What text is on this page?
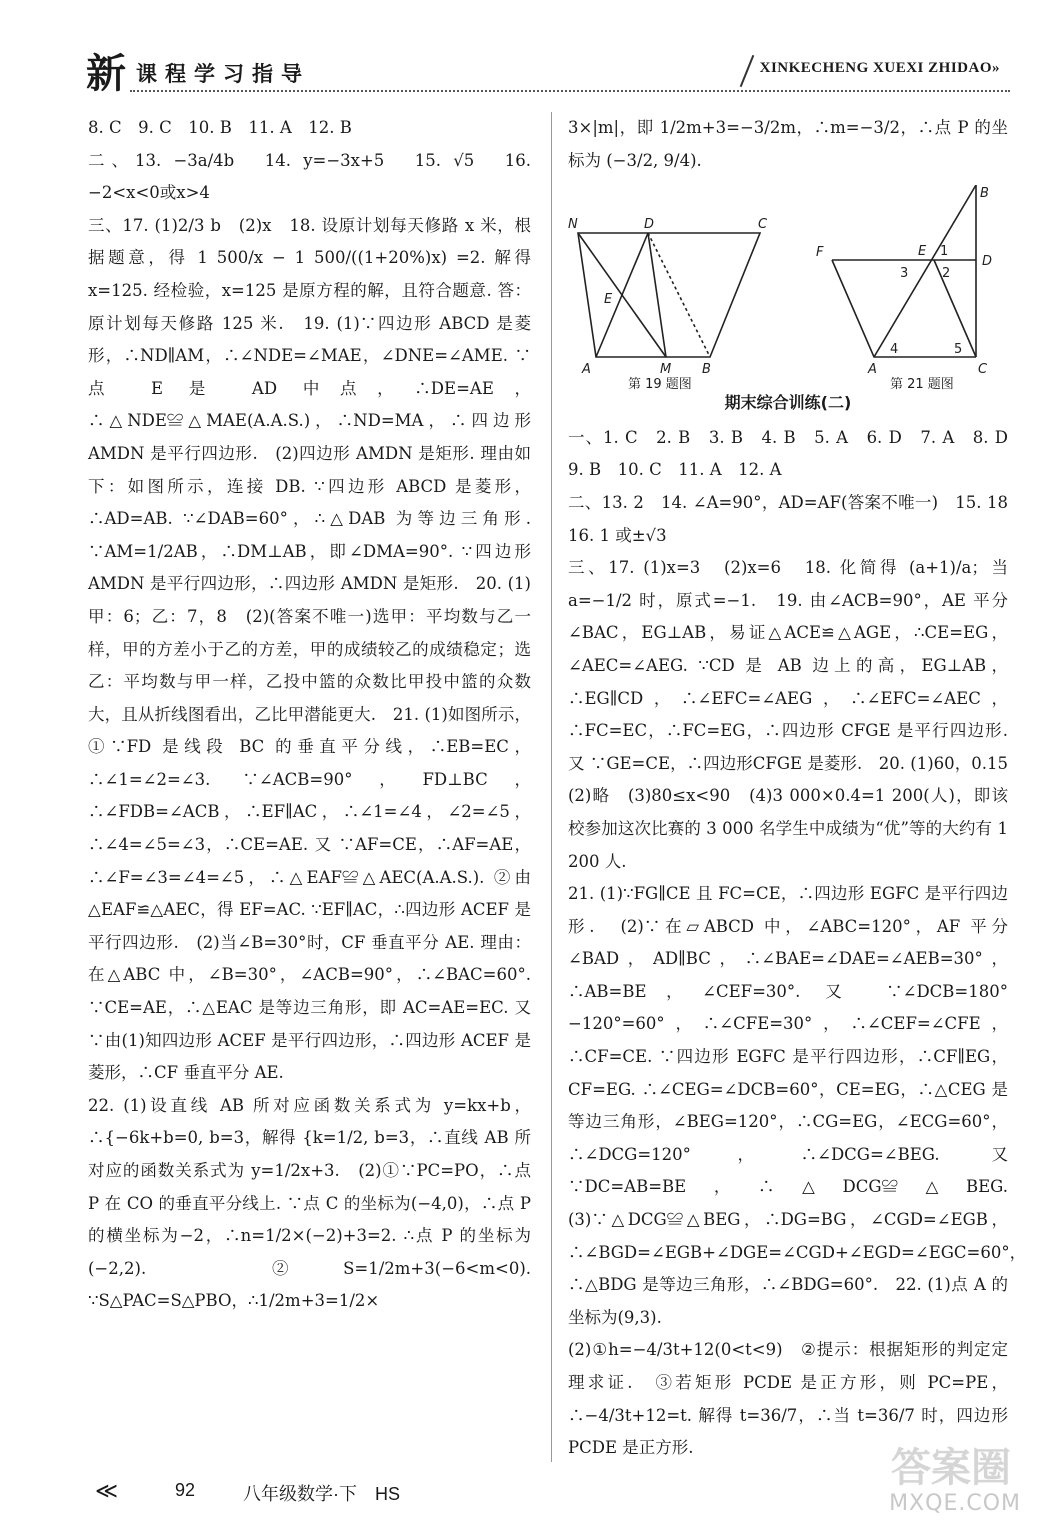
新 课程学习指导	XINKECHENG XUEXI ZHIDAO»

8. C　9. C　10. B　11. A　12. B

二、13. −3a/4b　14. y=−3x+5　15. √5　16. −2<x<0或x>4

三、17. (1)2/3 b　(2)x　18. 设原计划每天修路 x 米，根据题意，得 1 500/x − 1 500/((1+20%)x) =2. 解得 x=125. 经检验，x=125 是原方程的解，且符合题意. 答：原计划每天修路 125 米.　19. (1)∵四边形 ABCD 是菱形，∴ND∥AM，∴∠NDE=∠MAE，∠DNE=∠AME. ∵点 E 是 AD 中点，∴DE=AE，∴△NDE≌△MAE(A.A.S.)，∴ND=MA，∴四边形 AMDN 是平行四边形.　(2)四边形 AMDN 是矩形. 理由如下：如图所示，连接 DB. ∵四边形 ABCD 是菱形，∴AD=AB. ∵∠DAB=60°，∴△DAB 为等边三角形. ∵AM=1/2AB，∴DM⊥AB，即∠DMA=90°. ∵四边形 AMDN 是平行四边形，∴四边形 AMDN 是矩形.　20. (1)甲：6；乙：7，8　(2)(答案不唯一)选甲：平均数与乙一样，甲的方差小于乙的方差，甲的成绩较乙的成绩稳定；选乙：平均数与甲一样，乙投中篮的众数比甲投中篮的众数大，且从折线图看出，乙比甲潜能更大.　21. (1)如图所示，①∵FD 是线段 BC 的垂直平分线，∴EB=EC，∴∠1=∠2=∠3. ∵∠ACB=90°，FD⊥BC，∴∠FDB=∠ACB，∴EF∥AC，∴∠1=∠4，∠2=∠5，∴∠4=∠5=∠3，∴CE=AE. 又 ∵AF=CE，∴AF=AE，∴∠F=∠3=∠4=∠5，∴△EAF≌△AEC(A.A.S.). ②由△EAF≌△AEC，得 EF=AC. ∵EF∥AC，∴四边形 ACEF 是平行四边形.　(2)当∠B=30°时，CF 垂直平分 AE. 理由：在△ABC 中，∠B=30°，∠ACB=90°，∴∠BAC=60°. ∵CE=AE，∴△EAC 是等边三角形，即 AC=AE=EC. 又 ∵由(1)知四边形 ACEF 是平行四边形，∴四边形 ACEF 是菱形，∴CF 垂直平分 AE.

22. (1)设直线 AB 所对应函数关系式为 y=kx+b，∴{−6k+b=0, b=3，解得 {k=1/2, b=3，∴直线 AB 所对应的函数关系式为 y=1/2x+3.　(2)①∵PC=PO，∴点 P 在 CO 的垂直平分线上. ∵点 C 的坐标为(−4,0)，∴点 P 的横坐标为−2，∴n=1/2×(−2)+3=2. ∴点 P 的坐标为(−2,2).　②S=1/2m+3(−6<m<0). ∵S△PAC=S△PBO，∴1/2m+3=1/2×

3×|m|，即 1/2m+3=−3/2m，∴m=−3/2，∴点 P 的坐标为 (−3/2, 9/4).

N	D	C
E
A	M B
B
F	E 1
D
3	2
4	5
A	C
第 19 题图	第 21 题图
期末综合训练(二)

一、1. C　2. B　3. B　4. B　5. A　6. D　7. A　8. D　9. B　10. C　11. A　12. A

二、13. 2　14. ∠A=90°，AD=AF(答案不唯一)　15. 18　16. 1 或±√3

三、17. (1)x=3　(2)x=6　18. 化简得 (a+1)/a；当 a=−1/2 时，原式=−1.　19. 由∠ACB=90°，AE 平分∠BAC，EG⊥AB，易证△ACE≌△AGE，∴CE=EG，∠AEC=∠AEG. ∵CD 是 AB 边上的高，EG⊥AB，∴EG∥CD，∴∠EFC=∠AEG，∴∠EFC=∠AEC，∴FC=EC，∴FC=EG，∴四边形 CFGE 是平行四边形. 又 ∵GE=CE，∴四边形CFGE 是菱形.　20. (1)60，0.15　(2)略　(3)80≤x<90　(4)3 000×0.4=1 200(人)，即该校参加这次比赛的 3 000 名学生中成绩为“优”等的大约有 1 200 人.

21. (1)∵FG∥CE 且 FC=CE，∴四边形 EGFC 是平行四边形.　(2)∵在▱ABCD 中，∠ABC=120°，AF 平分∠BAD，AD∥BC，∴∠BAE=∠DAE=∠AEB=30°，∴AB=BE，∠CEF=30°. 又 ∵∠DCB=180°−120°=60°，∴∠CFE=30°，∴∠CEF=∠CFE，∴CF=CE. ∵四边形 EGFC 是平行四边形，∴CF∥EG，CF=EG. ∴∠CEG=∠DCB=60°，CE=EG，∴△CEG 是等边三角形，∠BEG=120°，∴CG=EG，∠ECG=60°，∴∠DCG=120°，∴∠DCG=∠BEG. 又 ∵DC=AB=BE，∴△DCG≌△BEG.　(3)∵△DCG≌△BEG，∴DG=BG，∠CGD=∠EGB，∴∠BGD=∠EGB+∠DGE=∠CGD+∠EGD=∠EGC=60°，∴△BDG 是等边三角形，∴∠BDG=60°.　22. (1)点 A 的坐标为(9,3).

(2)①h=−4/3t+12(0<t<9)　②提示：根据矩形的判定定理求证.　③若矩形 PCDE 是正方形，则 PC=PE，∴−4/3t+12=t. 解得 t=36/7，∴当 t=36/7 时，四边形 PCDE 是正方形.

≪	92	八年级数学·下　HS
答案圈
MXQE.COM
